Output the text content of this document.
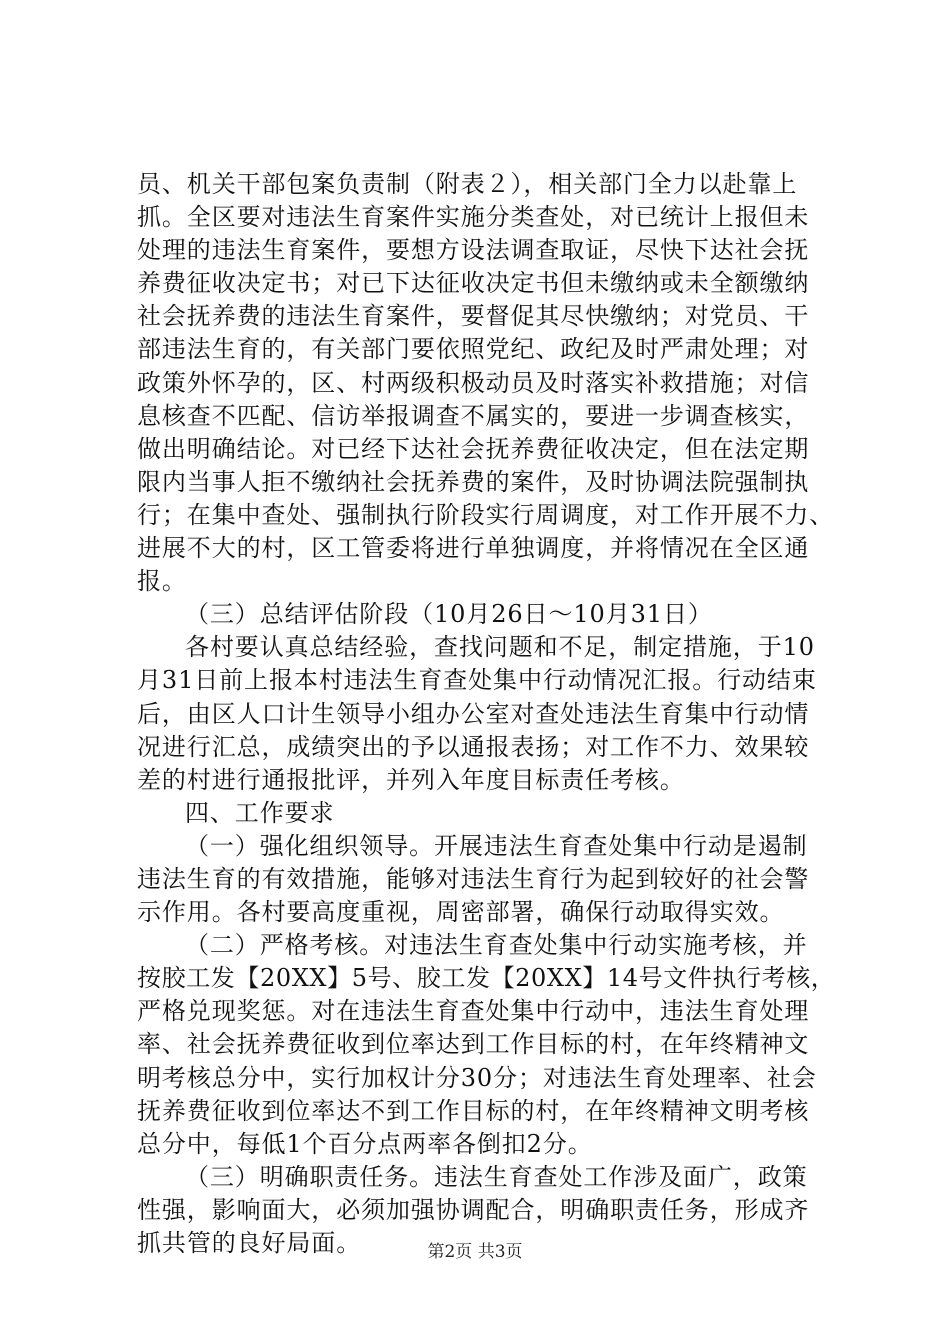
员、机关干部包案负责制（附表２），相关部门全力以赴靠上
抓。全区要对违法生育案件实施分类查处，对已统计上报但未
处理的违法生育案件，要想方设法调查取证，尽快下达社会抚
养费征收决定书；对已下达征收决定书但未缴纳或未全额缴纳
社会抚养费的违法生育案件，要督促其尽快缴纳；对党员、干
部违法生育的，有关部门要依照党纪、政纪及时严肃处理；对
政策外怀孕的，区、村两级积极动员及时落实补救措施；对信
息核查不匹配、信访举报调查不属实的，要进一步调查核实，
做出明确结论。对已经下达社会抚养费征收决定，但在法定期
限内当事人拒不缴纳社会抚养费的案件，及时协调法院强制执
行；在集中查处、强制执行阶段实行周调度，对工作开展不力、
进展不大的村，区工管委将进行单独调度，并将情况在全区通
报。
（三）总结评估阶段（10月26日～10月31日）
各村要认真总结经验，查找问题和不足，制定措施，于10
月31日前上报本村违法生育查处集中行动情况汇报。行动结束
后，由区人口计生领导小组办公室对查处违法生育集中行动情
况进行汇总，成绩突出的予以通报表扬；对工作不力、效果较
差的村进行通报批评，并列入年度目标责任考核。
四、工作要求
（一）强化组织领导。开展违法生育查处集中行动是遏制
违法生育的有效措施，能够对违法生育行为起到较好的社会警
示作用。各村要高度重视，周密部署，确保行动取得实效。
（二）严格考核。对违法生育查处集中行动实施考核，并
按胶工发【20XX】5号、胶工发【20XX】14号文件执行考核，
严格兑现奖惩。对在违法生育查处集中行动中，违法生育处理
率、社会抚养费征收到位率达到工作目标的村，在年终精神文
明考核总分中，实行加权计分30分；对违法生育处理率、社会
抚养费征收到位率达不到工作目标的村，在年终精神文明考核
总分中，每低1个百分点两率各倒扣2分。
（三）明确职责任务。违法生育查处工作涉及面广，政策
性强，影响面大，必须加强协调配合，明确职责任务，形成齐
抓共管的良好局面。	第2页 共3页
